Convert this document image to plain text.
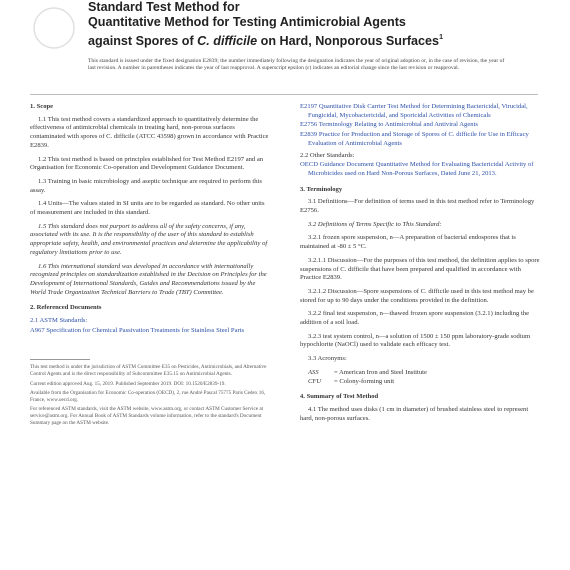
Standard Test Method for
Quantitative Method for Testing Antimicrobial Agents
against Spores of C. difficile on Hard, Nonporous Surfaces$^1$
This standard is issued under the fixed designation E2839; the number immediately following the designation indicates the year of original adoption or, in the case of revision, the year of last revision. A number in parentheses indicates the year of last reapproval. A superscript epsilon (ε) indicates an editorial change since the last revision or reapproval.
1. Scope
1.1 This test method covers a standardized approach to quantitatively determine the effectiveness of antimicrobial chemicals in treating hard, non-porous surfaces contaminated with spores of C. difficile (ATCC 43598) grown in accordance with Practice E2839.
1.2 This test method is based on principles established for Test Method E2197 and an Organisation for Economic Co-operation and Development Guidance Document.
1.3 Training in basic microbiology and aseptic technique are required to perform this assay.
1.4 Units—The values stated in SI units are to be regarded as standard. No other units of measurement are included in this standard.
1.5 This standard does not purport to address all of the safety concerns, if any, associated with its use. It is the responsibility of the user of this standard to establish appropriate safety, health, and environmental practices and determine the applicability of regulatory limitations prior to use.
1.6 This international standard was developed in accordance with internationally recognized principles on standardization established in the Decision on Principles for the Development of International Standards, Guides and Recommendations issued by the World Trade Organization Technical Barriers to Trade (TBT) Committee.
2. Referenced Documents
2.1 ASTM Standards:
A967 Specification for Chemical Passivation Treatments for Stainless Steel Parts
This test method is under the jurisdiction of ASTM Committee E35 on Pesticides, Antimicrobials, and Alternative Control Agents and is the direct responsibility of Subcommittee E35.15 on Antimicrobial Agents.
Current edition approved Aug. 15, 2019. Published September 2019. DOI: 10.1520/E2839-19.
Available from the Organisation for Economic Co-operation (OECD), 2, rue André Pascal 75775 Paris Cedex 16, France, www.oecd.org.
For referenced ASTM standards, visit the ASTM website, www.astm.org, or contact ASTM Customer Service at service@astm.org. For Annual Book of ASTM Standards volume information, refer to the standard's Document Summary page on the ASTM website.
E2197 Quantitative Disk Carrier Test Method for Determining Bactericidal, Virucidal, Fungicidal, Mycobactericidal, and Sporicidal Activities of Chemicals
E2756 Terminology Relating to Antimicrobial and Antiviral Agents
E2839 Practice for Production and Storage of Spores of C. difficile for Use in Efficacy Evaluation of Antimicrobial Agents
2.2 Other Standards:
OECD Guidance Document Quantitative Method for Evaluating Bactericidal Activity of Microbicides used on Hard Non-Porous Surfaces, Dated June 21, 2013.
3. Terminology
3.1 Definitions—For definition of terms used in this test method refer to Terminology E2756.
3.2 Definitions of Terms Specific to This Standard:
3.2.1 frozen spore suspension, n—A preparation of bacterial endospores that is maintained at -80 ± 5 °C.
3.2.1.1 Discussion—For the purposes of this test method, the definition applies to spore suspensions of C. difficile that have been prepared and qualified in accordance with Practice E2839.
3.2.1.2 Discussion—Spore suspensions of C. difficile used in this test method may be stored for up to 90 days under the conditions provided in the definition.
3.2.2 final test suspension, n—thawed frozen spore suspension (3.2.1) including the addition of a soil load.
3.2.3 test system control, n—a solution of 1500 ± 150 ppm laboratory-grade sodium hypochlorite (NaOCl) used to validate each efficacy test.
3.3 Acronyms:
ASS	= American Iron and Steel Institute
CFU	= Colony-forming unit
4. Summary of Test Method
4.1 The method uses disks (1 cm in diameter) of brushed stainless steel to represent hard, non-porous surfaces.
